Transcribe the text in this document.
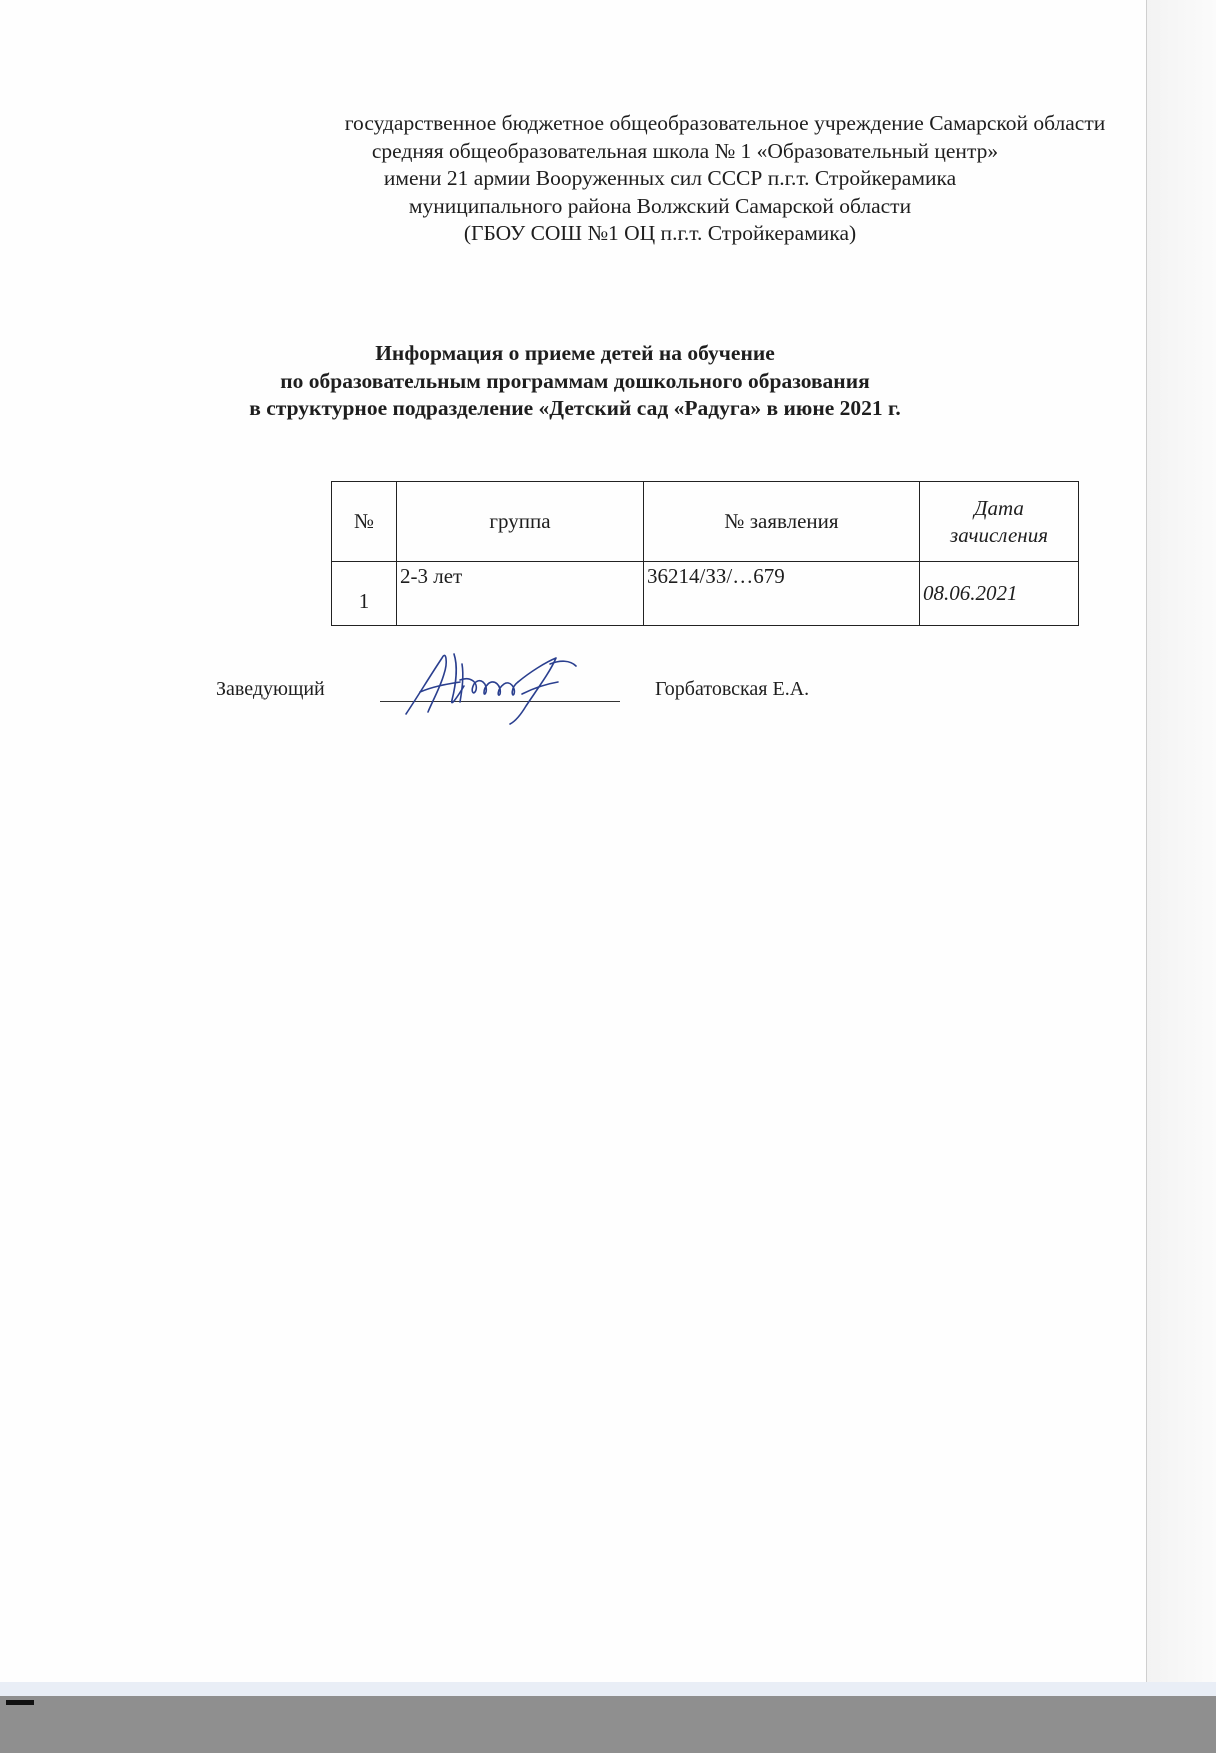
государственное бюджетное общеобразовательное учреждение Самарской области
средняя общеобразовательная школа № 1 «Образовательный центр»
имени 21 армии Вооруженных сил СССР п.г.т. Стройкерамика
муниципального района Волжский Самарской области
(ГБОУ СОШ №1 ОЦ п.г.т. Стройкерамика)
Информация о приеме детей на обучение
по образовательным программам дошкольного образования
в структурное подразделение «Детский сад «Радуга» в июне 2021 г.
№	группа	№ заявления	Дата
зачисления
1	2-3 лет	36214/ЗЗ/…679	08.06.2021
Заведующий	Горбатовская Е.А.
